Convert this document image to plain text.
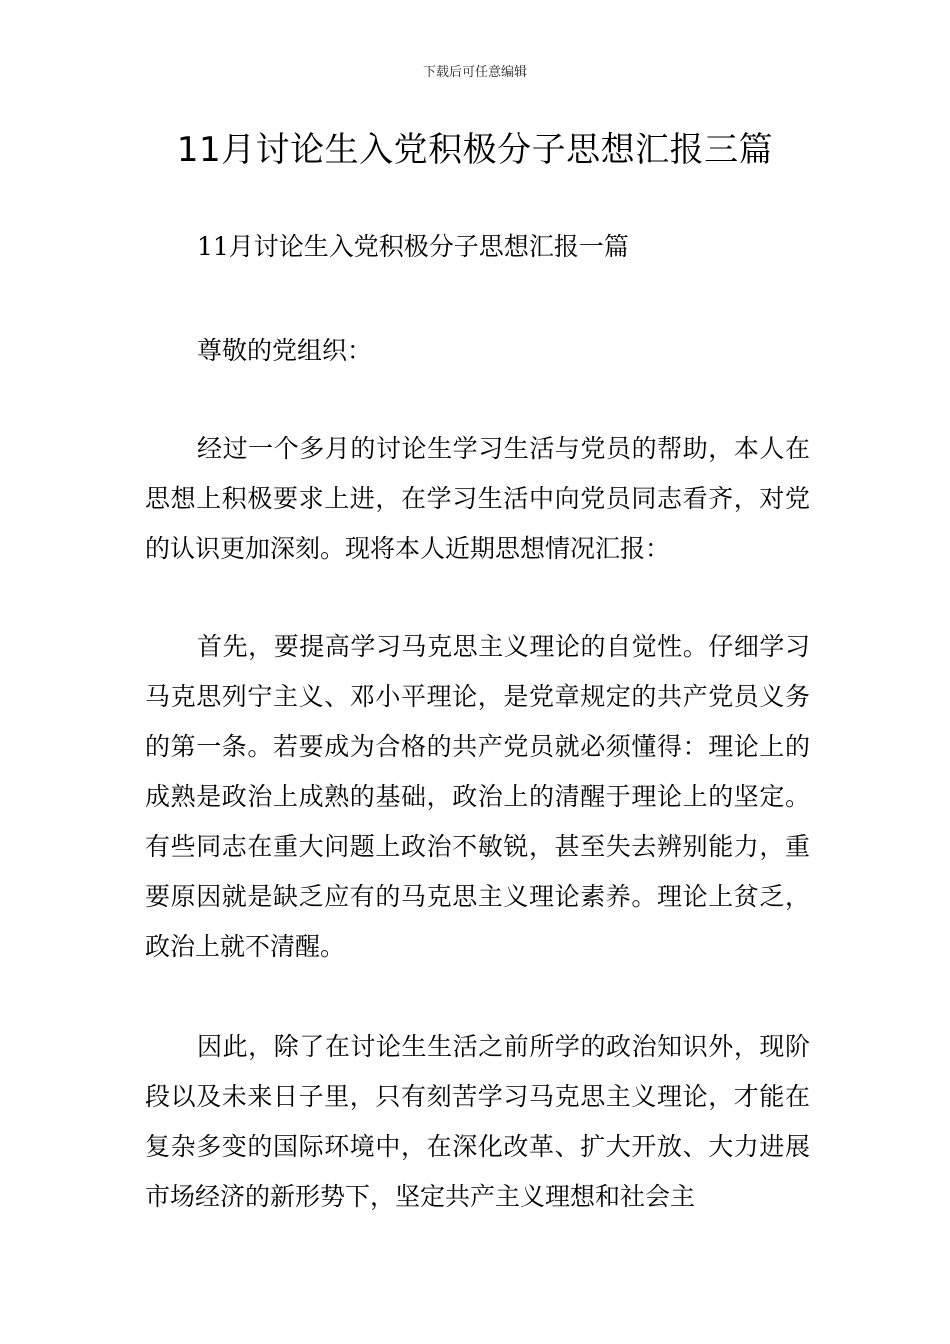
下载后可任意编辑
11月讨论生入党积极分子思想汇报三篇

11月讨论生入党积极分子思想汇报一篇

尊敬的党组织：

经过一个多月的讨论生学习生活与党员的帮助，本人在思想上积极要求上进，在学习生活中向党员同志看齐，对党的认识更加深刻。现将本人近期思想情况汇报：

首先，要提高学习马克思主义理论的自觉性。仔细学习马克思列宁主义、邓小平理论，是党章规定的共产党员义务的第一条。若要成为合格的共产党员就必须懂得：理论上的成熟是政治上成熟的基础，政治上的清醒于理论上的坚定。有些同志在重大问题上政治不敏锐，甚至失去辨别能力，重要原因就是缺乏应有的马克思主义理论素养。理论上贫乏，政治上就不清醒。

因此，除了在讨论生生活之前所学的政治知识外，现阶段以及未来日子里，只有刻苦学习马克思主义理论，才能在复杂多变的国际环境中，在深化改革、扩大开放、大力进展市场经济的新形势下，坚定共产主义理想和社会主
